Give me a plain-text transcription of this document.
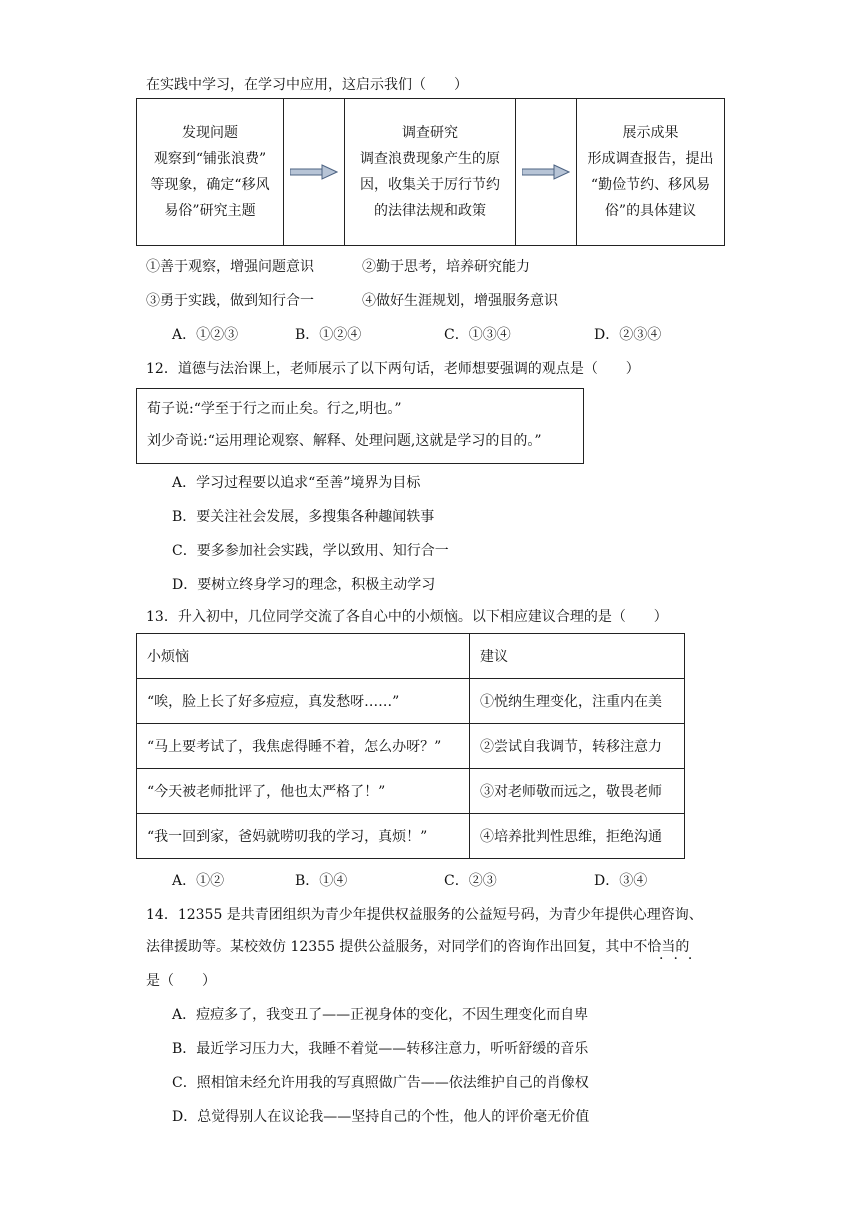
在实践中学习，在学习中应用，这启示我们（　　）
发现问题
观察到“铺张浪费”
等现象，确定“移风
易俗”研究主题

调查研究
调查浪费现象产生的原
因，收集关于厉行节约
的法律法规和政策

展示成果
形成调查报告，提出
“勤俭节约、移风易
俗”的具体建议
①善于观察，增强问题意识	②勤于思考，培养研究能力
③勇于实践，做到知行合一	④做好生涯规划，增强服务意识
A．①②③	B．①②④	C．①③④	D．②③④
12．道德与法治课上，老师展示了以下两句话，老师想要强调的观点是（　　）
荀子说:“学至于行之而止矣。行之,明也。”
刘少奇说:“运用理论观察、解释、处理问题,这就是学习的目的。”
A．学习过程要以追求“至善”境界为目标
B．要关注社会发展，多搜集各种趣闻轶事
C．要多参加社会实践，学以致用、知行合一
D．要树立终身学习的理念，积极主动学习
13．升入初中，几位同学交流了各自心中的小烦恼。以下相应建议合理的是（　　）
小烦恼	建议
“唉，脸上长了好多痘痘，真发愁呀……”	①悦纳生理变化，注重内在美
“马上要考试了，我焦虑得睡不着，怎么办呀？”	②尝试自我调节，转移注意力
“今天被老师批评了，他也太严格了！”	③对老师敬而远之，敬畏老师
“我一回到家，爸妈就唠叨我的学习，真烦！”	④培养批判性思维，拒绝沟通
A．①②	B．①④	C．②③	D．③④
14．12355 是共青团组织为青少年提供权益服务的公益短号码，为青少年提供心理咨询、
法律援助等。某校效仿 12355 提供公益服务，对同学们的咨询作出回复，其中不恰当的
···
是（　　）
A．痘痘多了，我变丑了——正视身体的变化，不因生理变化而自卑
B．最近学习压力大，我睡不着觉——转移注意力，听听舒缓的音乐
C．照相馆未经允许用我的写真照做广告——依法维护自己的肖像权
D．总觉得别人在议论我——坚持自己的个性，他人的评价毫无价值
